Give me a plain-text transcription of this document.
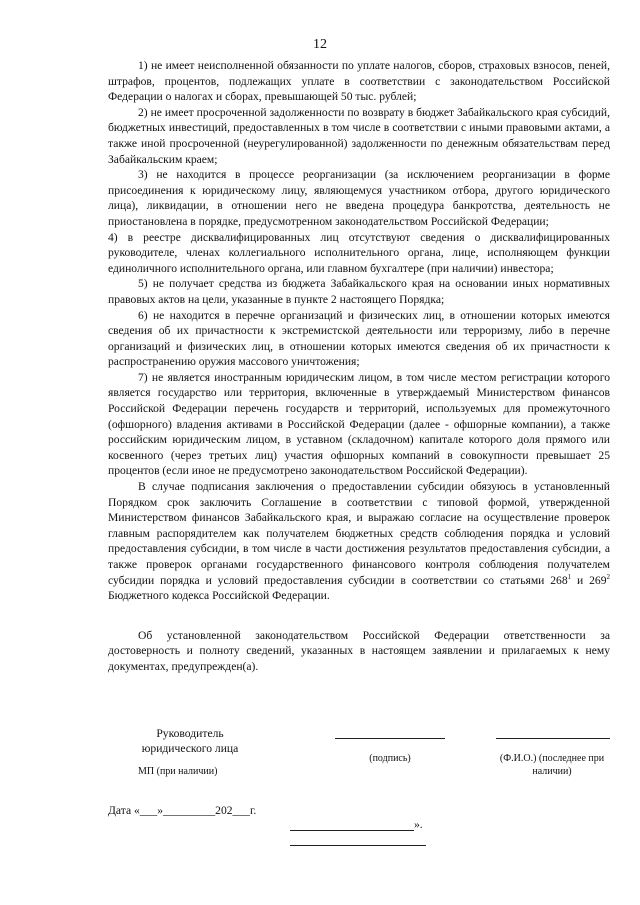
12

1) не имеет неисполненной обязанности по уплате налогов, сборов, страховых взносов, пеней, штрафов, процентов, подлежащих уплате в соответствии с законодательством Российской Федерации о налогах и сборах, превышающей 50 тыс. рублей;

2) не имеет просроченной задолженности по возврату в бюджет Забайкальского края субсидий, бюджетных инвестиций, предоставленных в том числе в соответствии с иными правовыми актами, а также иной просроченной (неурегулированной) задолженности по денежным обязательствам перед Забайкальским краем;

3) не находится в процессе реорганизации (за исключением реорганизации в форме присоединения к юридическому лицу, являющемуся участником отбора, другого юридического лица), ликвидации, в отношении него не введена процедура банкротства, деятельность не приостановлена в порядке, предусмотренном законодательством Российской Федерации;

4) в реестре дисквалифицированных лиц отсутствуют сведения о дисквалифицированных руководителе, членах коллегиального исполнительного органа, лице, исполняющем функции единоличного исполнительного органа, или главном бухгалтере (при наличии) инвестора;

5) не получает средства из бюджета Забайкальского края на основании иных нормативных правовых актов на цели, указанные в пункте 2 настоящего Порядка;

6) не находится в перечне организаций и физических лиц, в отношении которых имеются сведения об их причастности к экстремистской деятельности или терроризму, либо в перечне организаций и физических лиц, в отношении которых имеются сведения об их причастности к распространению оружия массового уничтожения;

7) не является иностранным юридическим лицом, в том числе местом регистрации которого является государство или территория, включенные в утверждаемый Министерством финансов Российской Федерации перечень государств и территорий, используемых для промежуточного (офшорного) владения активами в Российской Федерации (далее - офшорные компании), а также российским юридическим лицом, в уставном (складочном) капитале которого доля прямого или косвенного (через третьих лиц) участия офшорных компаний в совокупности превышает 25 процентов (если иное не предусмотрено законодательством Российской Федерации).

В случае подписания заключения о предоставлении субсидии обязуюсь в установленный Порядком срок заключить Соглашение в соответствии с типовой формой, утвержденной Министерством финансов Забайкальского края, и выражаю согласие на осуществление проверок главным распорядителем как получателем бюджетных средств соблюдения порядка и условий предоставления субсидии, в том числе в части достижения результатов предоставления субсидии, а также проверок органами государственного финансового контроля соблюдения получателем субсидии порядка и условий предоставления субсидии в соответствии со статьями $268^1$ и $269^2$ Бюджетного кодекса Российской Федерации.

Об установленной законодательством Российской Федерации ответственности за достоверность и полноту сведений, указанных в настоящем заявлении и прилагаемых к нему документах, предупрежден(а).

Руководитель
юридического лица
(подпись)	(Ф.И.О.) (последнее при наличии)
МП (при наличии)
Дата «___»_________202___г.
».
